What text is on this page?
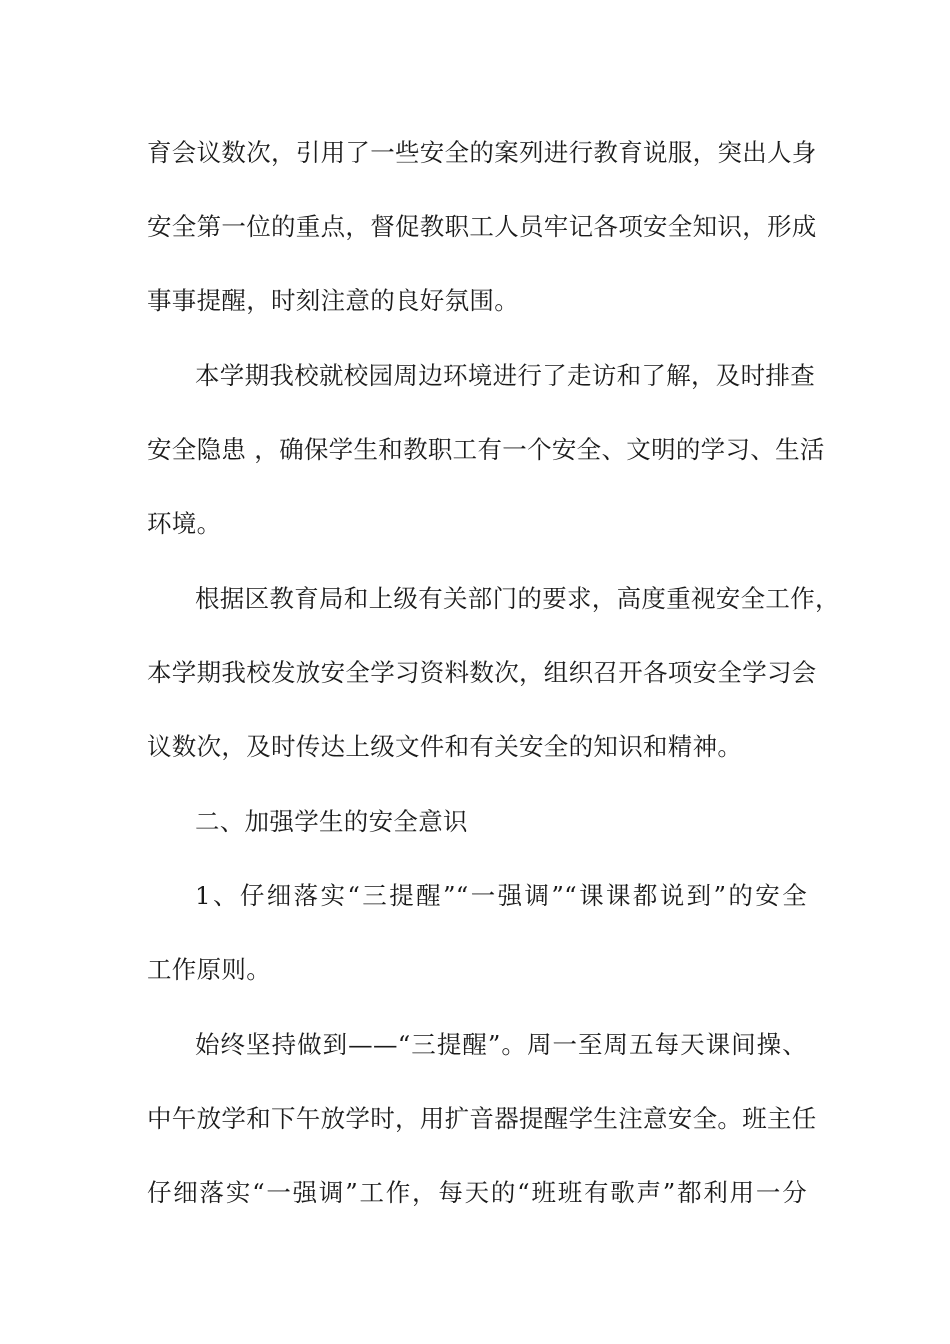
育会议数次，引用了一些安全的案列进行教育说服，突出人身
安全第一位的重点，督促教职工人员牢记各项安全知识，形成
事事提醒，时刻注意的良好氛围。
本学期我校就校园周边环境进行了走访和了解，及时排查
安全隐患 ，确保学生和教职工有一个安全、文明的学习、生活
环境。
根据区教育局和上级有关部门的要求，高度重视安全工作，
本学期我校发放安全学习资料数次，组织召开各项安全学习会
议数次，及时传达上级文件和有关安全的知识和精神。
二、加强学生的安全意识
1、仔细落实“三提醒”“一强调”“课课都说到”的安全
工作原则。
始终坚持做到——“三提醒”。周一至周五每天课间操、
中午放学和下午放学时，用扩音器提醒学生注意安全。班主任
仔细落实“一强调”工作，每天的“班班有歌声”都利用一分
